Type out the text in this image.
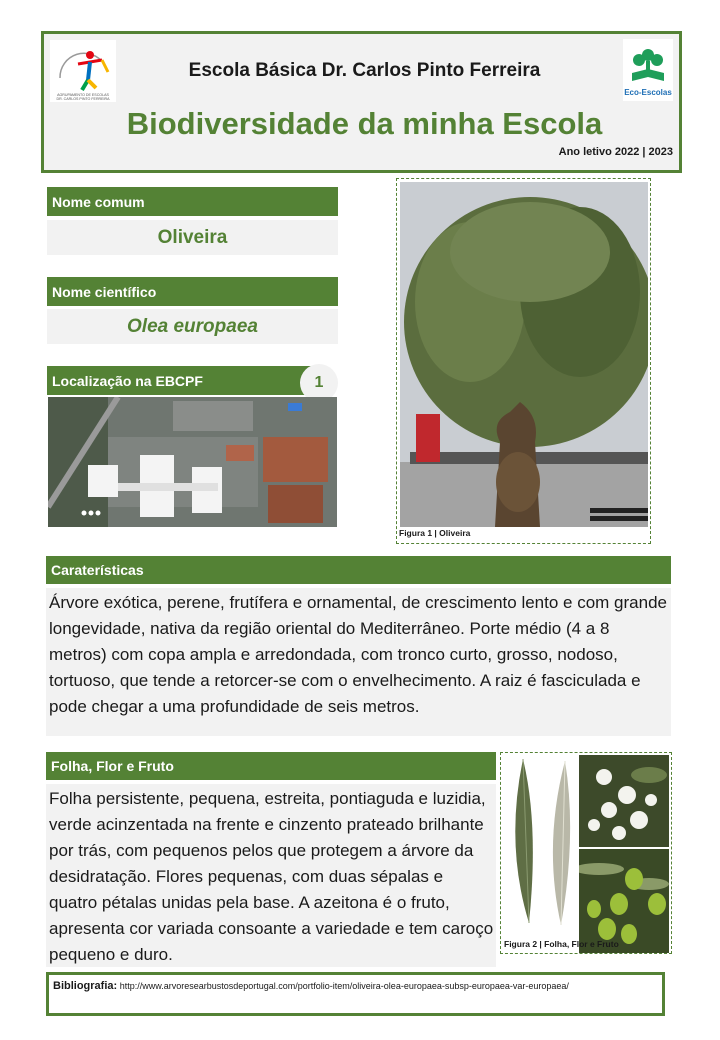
AGRUPAMENTO DE ESCOLAS
DR. CARLOS PINTO FERREIRA
Escola Básica Dr. Carlos Pinto Ferreira
Biodiversidade da minha Escola
Ano letivo 2022 | 2023
Eco-Escolas
Nome comum
Oliveira
Nome científico
Olea europaea
Localização na EBCPF	1
Figura 1 | Oliveira
Caraterísticas
Árvore exótica, perene, frutífera e ornamental, de crescimento lento e com grande longevidade, nativa da região oriental do Mediterrâneo. Porte médio (4 a 8 metros) com copa ampla e arredondada, com tronco curto, grosso, nodoso, tortuoso, que tende a retorcer-se com o envelhecimento. A raiz é fasciculada e pode chegar a uma profundidade de seis metros.
Folha, Flor e Fruto
Folha persistente, pequena, estreita, pontiaguda e luzidia, verde acinzentada na frente e cinzento prateado brilhante por trás, com pequenos pelos que protegem a árvore da desidratação. Flores pequenas, com duas sépalas e quatro pétalas unidas pela base. A azeitona é o fruto, apresenta cor variada consoante a variedade e tem caroço pequeno e duro.
Figura 2 | Folha, Flor e Fruto
Bibliografia: http://www.arvoresearbustosdeportugal.com/portfolio-item/oliveira-olea-europaea-subsp-europaea-var-europaea/
